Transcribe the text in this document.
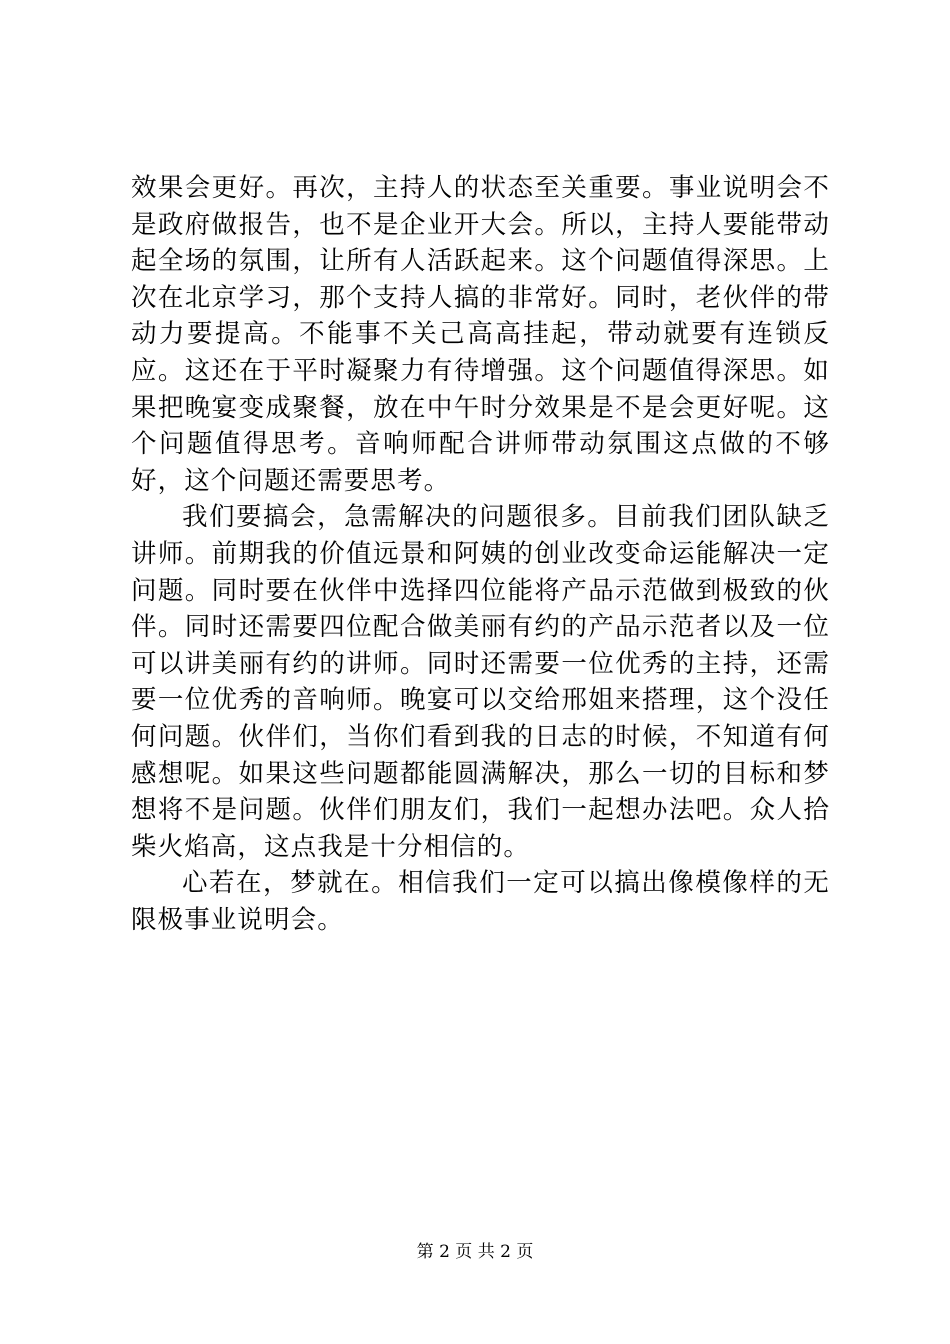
效果会更好。再次，主持人的状态至关重要。事业说明会不是政府做报告，也不是企业开大会。所以，主持人要能带动起全场的氛围，让所有人活跃起来。这个问题值得深思。上次在北京学习，那个支持人搞的非常好。同时，老伙伴的带动力要提高。不能事不关己高高挂起，带动就要有连锁反应。这还在于平时凝聚力有待增强。这个问题值得深思。如果把晚宴变成聚餐，放在中午时分效果是不是会更好呢。这个问题值得思考。音响师配合讲师带动氛围这点做的不够好，这个问题还需要思考。

我们要搞会，急需解决的问题很多。目前我们团队缺乏讲师。前期我的价值远景和阿姨的创业改变命运能解决一定问题。同时要在伙伴中选择四位能将产品示范做到极致的伙伴。同时还需要四位配合做美丽有约的产品示范者以及一位可以讲美丽有约的讲师。同时还需要一位优秀的主持，还需要一位优秀的音响师。晚宴可以交给邢姐来搭理，这个没任何问题。伙伴们，当你们看到我的日志的时候，不知道有何感想呢。如果这些问题都能圆满解决，那么一切的目标和梦想将不是问题。伙伴们朋友们，我们一起想办法吧。众人拾柴火焰高，这点我是十分相信的。

心若在，梦就在。相信我们一定可以搞出像模像样的无限极事业说明会。

第 2 页 共 2 页
